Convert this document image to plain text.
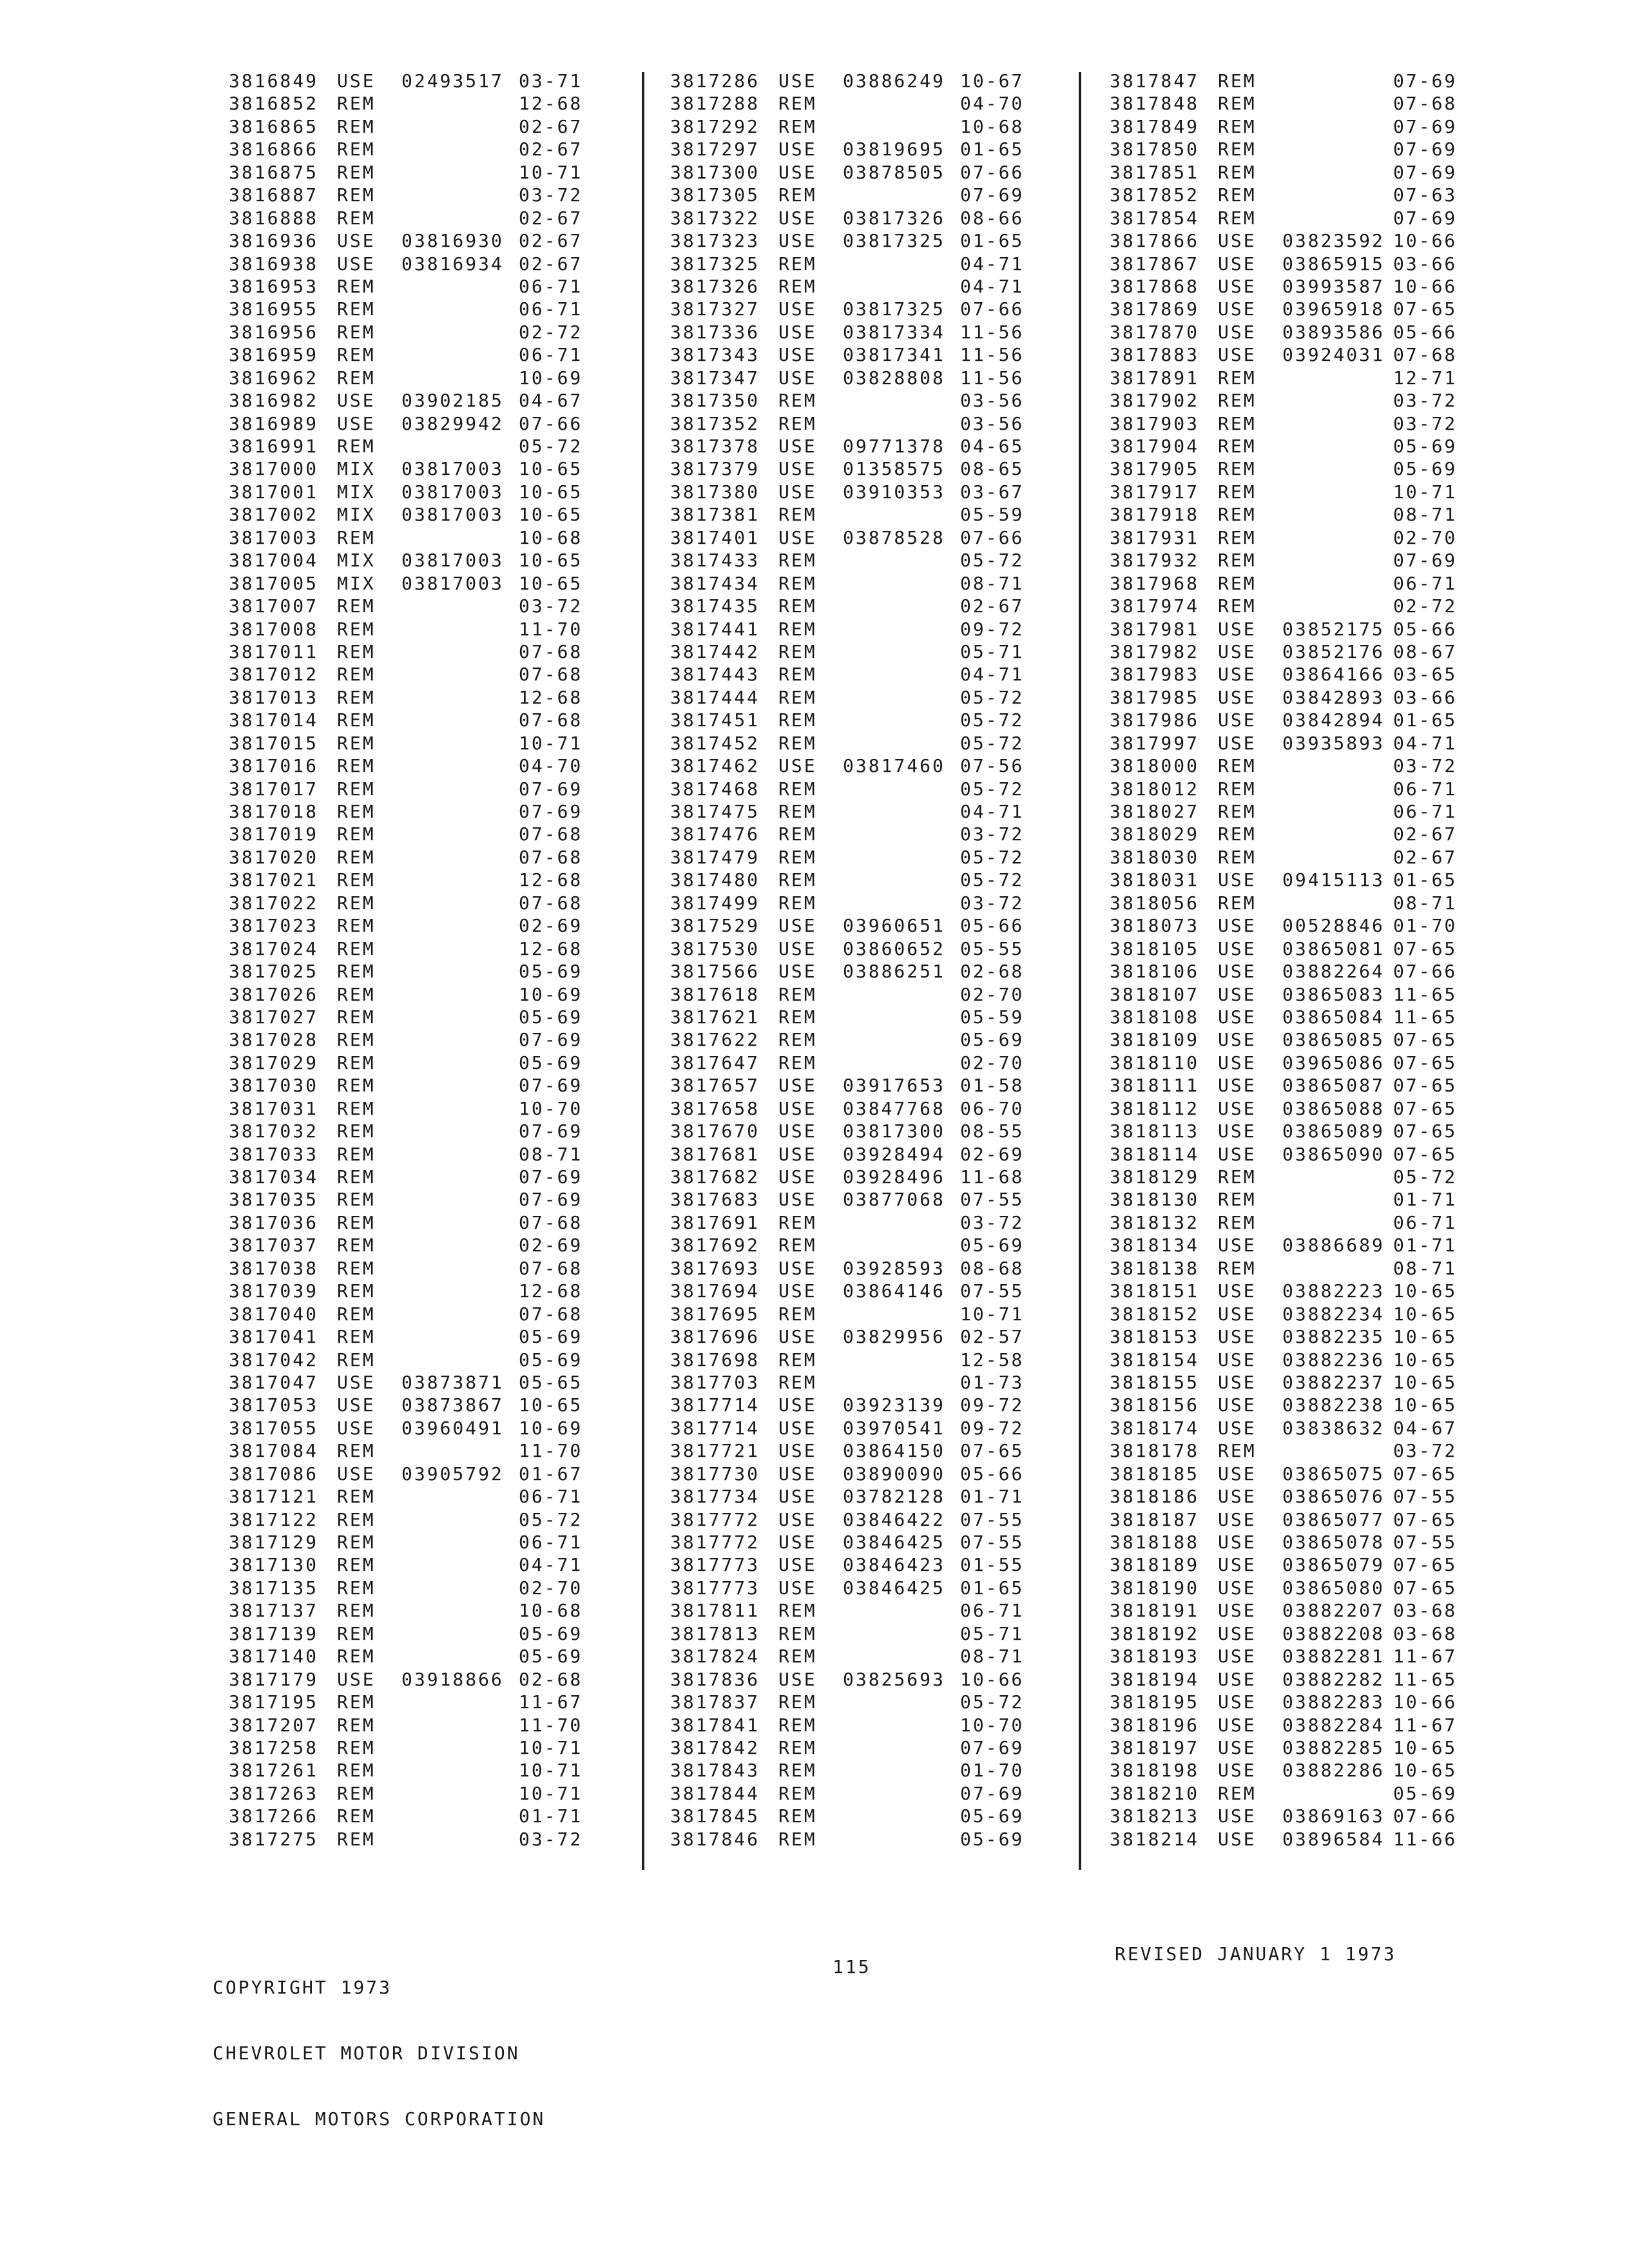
3816849 USE 02493517 03-71
3816852 REM	12-68
3816865 REM	02-67
3816866 REM	02-67
3816875 REM	10-71
3816887 REM	03-72
3816888 REM	02-67
3816936 USE 03816930 02-67
3816938 USE 03816934 02-67
3816953 REM	06-71
3816955 REM	06-71
3816956 REM	02-72
3816959 REM	06-71
3816962 REM	10-69
3816982 USE 03902185 04-67
3816989 USE 03829942 07-66
3816991 REM	05-72
3817000 MIX 03817003 10-65
3817001 MIX 03817003 10-65
3817002 MIX 03817003 10-65
3817003 REM	10-68
3817004 MIX 03817003 10-65
3817005 MIX 03817003 10-65
3817007 REM	03-72
3817008 REM	11-70
3817011 REM	07-68
3817012 REM	07-68
3817013 REM	12-68
3817014 REM	07-68
3817015 REM	10-71
3817016 REM	04-70
3817017 REM	07-69
3817018 REM	07-69
3817019 REM	07-68
3817020 REM	07-68
3817021 REM	12-68
3817022 REM	07-68
3817023 REM	02-69
3817024 REM	12-68
3817025 REM	05-69
3817026 REM	10-69
3817027 REM	05-69
3817028 REM	07-69
3817029 REM	05-69
3817030 REM	07-69
3817031 REM	10-70
3817032 REM	07-69
3817033 REM	08-71
3817034 REM	07-69
3817035 REM	07-69
3817036 REM	07-68
3817037 REM	02-69
3817038 REM	07-68
3817039 REM	12-68
3817040 REM	07-68
3817041 REM	05-69
3817042 REM	05-69
3817047 USE 03873871 05-65
3817053 USE 03873867 10-65
3817055 USE 03960491 10-69
3817084 REM	11-70
3817086 USE 03905792 01-67
3817121 REM	06-71
3817122 REM	05-72
3817129 REM	06-71
3817130 REM	04-71
3817135 REM	02-70
3817137 REM	10-68
3817139 REM	05-69
3817140 REM	05-69
3817179 USE 03918866 02-68
3817195 REM	11-67
3817207 REM	11-70
3817258 REM	10-71
3817261 REM	10-71
3817263 REM	10-71
3817266 REM	01-71
3817275 REM	03-72
3817286 USE 03886249 10-67
3817288 REM	04-70
3817292 REM	10-68
3817297 USE 03819695 01-65
3817300 USE 03878505 07-66
3817305 REM	07-69
3817322 USE 03817326 08-66
3817323 USE 03817325 01-65
3817325 REM	04-71
3817326 REM	04-71
3817327 USE 03817325 07-66
3817336 USE 03817334 11-56
3817343 USE 03817341 11-56
3817347 USE 03828808 11-56
3817350 REM	03-56
3817352 REM	03-56
3817378 USE 09771378 04-65
3817379 USE 01358575 08-65
3817380 USE 03910353 03-67
3817381 REM	05-59
3817401 USE 03878528 07-66
3817433 REM	05-72
3817434 REM	08-71
3817435 REM	02-67
3817441 REM	09-72
3817442 REM	05-71
3817443 REM	04-71
3817444 REM	05-72
3817451 REM	05-72
3817452 REM	05-72
3817462 USE 03817460 07-56
3817468 REM	05-72
3817475 REM	04-71
3817476 REM	03-72
3817479 REM	05-72
3817480 REM	05-72
3817499 REM	03-72
3817529 USE 03960651 05-66
3817530 USE 03860652 05-55
3817566 USE 03886251 02-68
3817618 REM	02-70
3817621 REM	05-59
3817622 REM	05-69
3817647 REM	02-70
3817657 USE 03917653 01-58
3817658 USE 03847768 06-70
3817670 USE 03817300 08-55
3817681 USE 03928494 02-69
3817682 USE 03928496 11-68
3817683 USE 03877068 07-55
3817691 REM	03-72
3817692 REM	05-69
3817693 USE 03928593 08-68
3817694 USE 03864146 07-55
3817695 REM	10-71
3817696 USE 03829956 02-57
3817698 REM	12-58
3817703 REM	01-73
3817714 USE 03923139 09-72
3817714 USE 03970541 09-72
3817721 USE 03864150 07-65
3817730 USE 03890090 05-66
3817734 USE 03782128 01-71
3817772 USE 03846422 07-55
3817772 USE 03846425 07-55
3817773 USE 03846423 01-55
3817773 USE 03846425 01-65
3817811 REM	06-71
3817813 REM	05-71
3817824 REM	08-71
3817836 USE 03825693 10-66
3817837 REM	05-72
3817841 REM	10-70
3817842 REM	07-69
3817843 REM	01-70
3817844 REM	07-69
3817845 REM	05-69
3817846 REM	05-69
3817847 REM	07-69
3817848 REM	07-68
3817849 REM	07-69
3817850 REM	07-69
3817851 REM	07-69
3817852 REM	07-63
3817854 REM	07-69
3817866 USE 03823592 10-66
3817867 USE 03865915 03-66
3817868 USE 03993587 10-66
3817869 USE 03965918 07-65
3817870 USE 03893586 05-66
3817883 USE 03924031 07-68
3817891 REM	12-71
3817902 REM	03-72
3817903 REM	03-72
3817904 REM	05-69
3817905 REM	05-69
3817917 REM	10-71
3817918 REM	08-71
3817931 REM	02-70
3817932 REM	07-69
3817968 REM	06-71
3817974 REM	02-72
3817981 USE 03852175 05-66
3817982 USE 03852176 08-67
3817983 USE 03864166 03-65
3817985 USE 03842893 03-66
3817986 USE 03842894 01-65
3817997 USE 03935893 04-71
3818000 REM	03-72
3818012 REM	06-71
3818027 REM	06-71
3818029 REM	02-67
3818030 REM	02-67
3818031 USE 09415113 01-65
3818056 REM	08-71
3818073 USE 00528846 01-70
3818105 USE 03865081 07-65
3818106 USE 03882264 07-66
3818107 USE 03865083 11-65
3818108 USE 03865084 11-65
3818109 USE 03865085 07-65
3818110 USE 03965086 07-65
3818111 USE 03865087 07-65
3818112 USE 03865088 07-65
3818113 USE 03865089 07-65
3818114 USE 03865090 07-65
3818129 REM	05-72
3818130 REM	01-71
3818132 REM	06-71
3818134 USE 03886689 01-71
3818138 REM	08-71
3818151 USE 03882223 10-65
3818152 USE 03882234 10-65
3818153 USE 03882235 10-65
3818154 USE 03882236 10-65
3818155 USE 03882237 10-65
3818156 USE 03882238 10-65
3818174 USE 03838632 04-67
3818178 REM	03-72
3818185 USE 03865075 07-65
3818186 USE 03865076 07-55
3818187 USE 03865077 07-65
3818188 USE 03865078 07-55
3818189 USE 03865079 07-65
3818190 USE 03865080 07-65
3818191 USE 03882207 03-68
3818192 USE 03882208 03-68
3818193 USE 03882281 11-67
3818194 USE 03882282 11-65
3818195 USE 03882283 10-66
3818196 USE 03882284 11-67
3818197 USE 03882285 10-65
3818198 USE 03882286 10-65
3818210 REM	05-69
3818213 USE 03869163 07-66
3818214 USE 03896584 11-66

COPYRIGHT 1973

CHEVROLET MOTOR DIVISION

GENERAL MOTORS CORPORATION

115
REVISED JANUARY 1 1973
